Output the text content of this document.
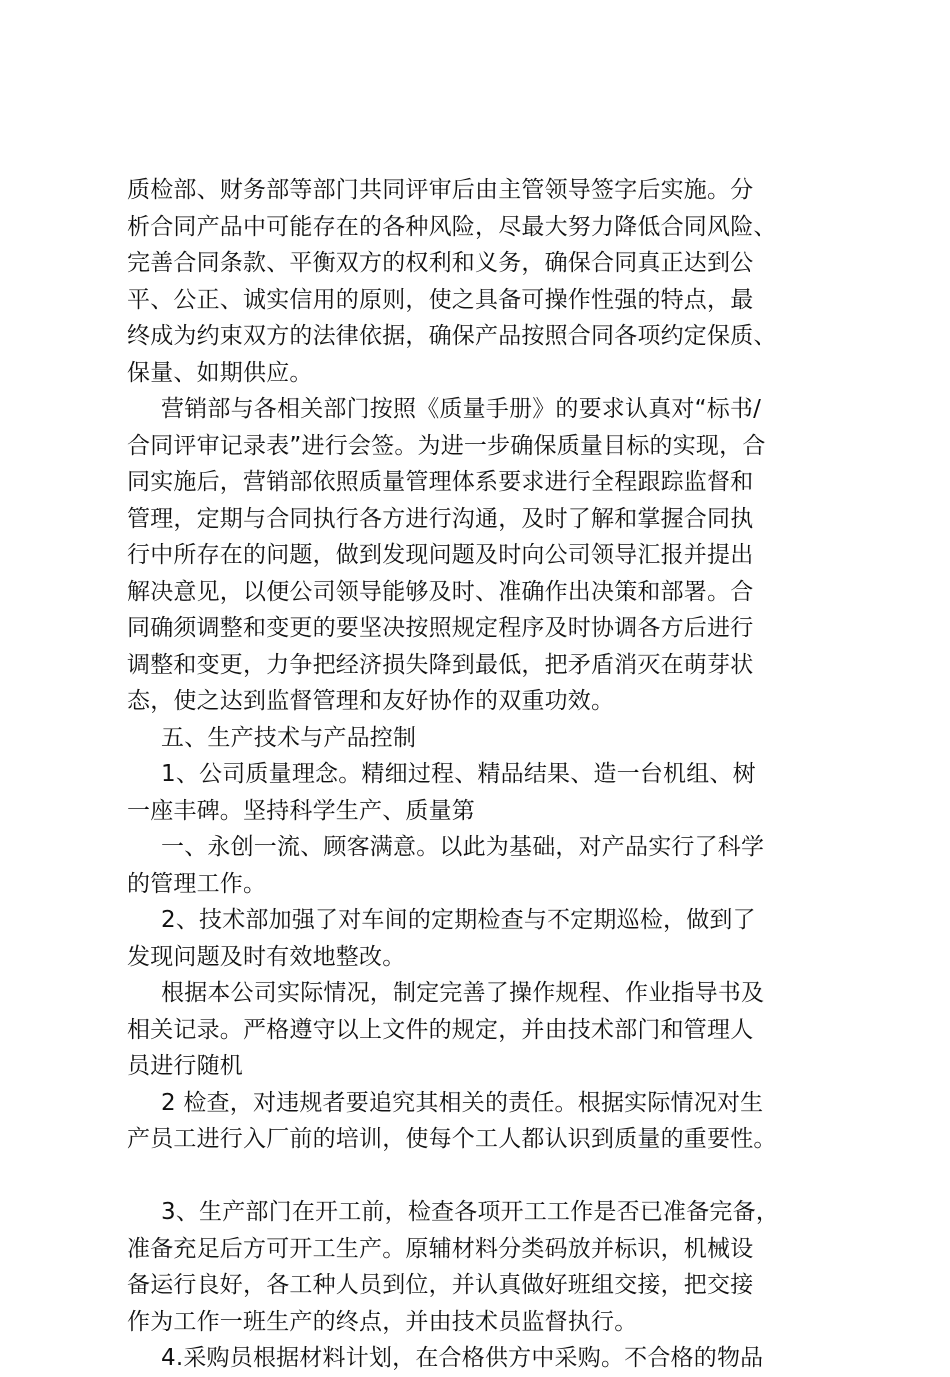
质检部、财务部等部门共同评审后由主管领导签字后实施。分
析合同产品中可能存在的各种风险，尽最大努力降低合同风险、
完善合同条款、平衡双方的权利和义务，确保合同真正达到公
平、公正、诚实信用的原则，使之具备可操作性强的特点，最
终成为约束双方的法律依据，确保产品按照合同各项约定保质、
保量、如期供应。
营销部与各相关部门按照《质量手册》的要求认真对“标书/
合同评审记录表”进行会签。为进一步确保质量目标的实现，合
同实施后，营销部依照质量管理体系要求进行全程跟踪监督和
管理，定期与合同执行各方进行沟通，及时了解和掌握合同执
行中所存在的问题，做到发现问题及时向公司领导汇报并提出
解决意见，以便公司领导能够及时、准确作出决策和部署。合
同确须调整和变更的要坚决按照规定程序及时协调各方后进行
调整和变更，力争把经济损失降到最低，把矛盾消灭在萌芽状
态，使之达到监督管理和友好协作的双重功效。
五、生产技术与产品控制
1、公司质量理念。精细过程、精品结果、造一台机组、树
一座丰碑。坚持科学生产、质量第
一、永创一流、顾客满意。以此为基础，对产品实行了科学
的管理工作。
2、技术部加强了对车间的定期检查与不定期巡检，做到了
发现问题及时有效地整改。
根据本公司实际情况，制定完善了操作规程、作业指导书及
相关记录。严格遵守以上文件的规定，并由技术部门和管理人
员进行随机
2 检查，对违规者要追究其相关的责任。根据实际情况对生
产员工进行入厂前的培训，使每个工人都认识到质量的重要性。
3、生产部门在开工前，检查各项开工工作是否已准备完备，
准备充足后方可开工生产。原辅材料分类码放并标识，机械设
备运行良好，各工种人员到位，并认真做好班组交接，把交接
作为工作一班生产的终点，并由技术员监督执行。
4.采购员根据材料计划，在合格供方中采购。不合格的物品
